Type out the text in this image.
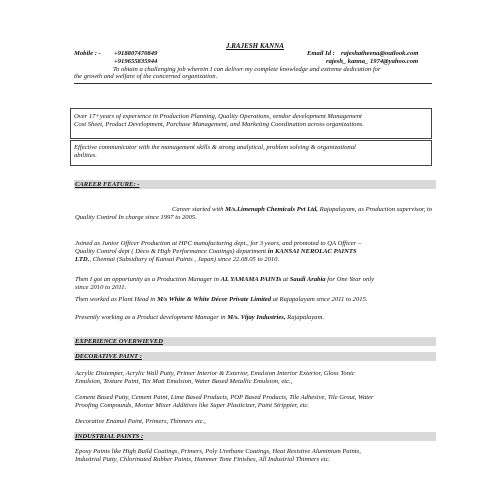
J.RAJESH KANNA
Mobile : - +918807470849
+919655835944
Email Id : rajeshatheena@outlook.com
rajesh_ kanna_ 1974@yahoo.com
To obtain a challenging job wherein I can deliver my complete knowledge and extreme dedication for
the growth and welfare of the concerned organization.
Over 17+years of experience in Production Planning, Quality Operations, vendor development Management
Cost Sheet, Product Development, Purchase Management, and Marketing Coordination across organizations.
Effective communicator with the management skills & strong analytical, problem solving & organizational
abilities.
CAREER FEATURE: -
Career started with M/s.Limenaph Chemicals Pvt Ltd, Rajapalayam, as Production supervisor, to
Quality Control In charge since 1997 to 2005.
Joined as Junior Officer Production at HPC manufacturing dept., for 3 years, and promoted to QA Officer –
Quality Control dept ( Deco & High Performance Coatings) department in KANSAI NEROLAC PAINTS
LTD., Chennai (Subsidiary of Kansai Paints , Japan) since 22.08.05 to 2010.
Then I got an opportunity as a Production Manager in AL YAMAMA PAINTs at Saudi Arabia for One Year only
since 2010 to 2011.
Then worked as Plant Head in M/s White & White Décor Private Limited at Rajapalayam since 2011 to 2015.
Presently working as a Product development Manager in M/s. Vijay Industries, Rajapalayam.
EXPERIENCE OVERWIEVED
DECORATIVE PAINT :
Acrylic Distemper, Acrylic Wall Putty, Primer Interior & Exterior, Emulsion Interior Exterior, Gloss Tonic
Emulsion, Texture Paint, Tex Matt Emulsion, Water Based Metallic Emulsion, etc.,
Cement Based Putty, Cement Paint, Lime Based Products, POP Based Products, Tile Adhesive, Tile Grout, Water
Proofing Compounds, Mortar Mixer Additives like Super Plasticizer, Paint Strippier, etc.
Decorative Enamel Paint, Primers, Thinners etc.,
INDUSTRIAL PAINTS :
Epoxy Paints like High Build Coatings, Primers, Poly Urethane Coatings, Heat Resistive Aluminium Paints,
Industrial Putty, Chlorinated Rubber Paints, Hammer Tone Finishes, All Industrial Thinners etc.
